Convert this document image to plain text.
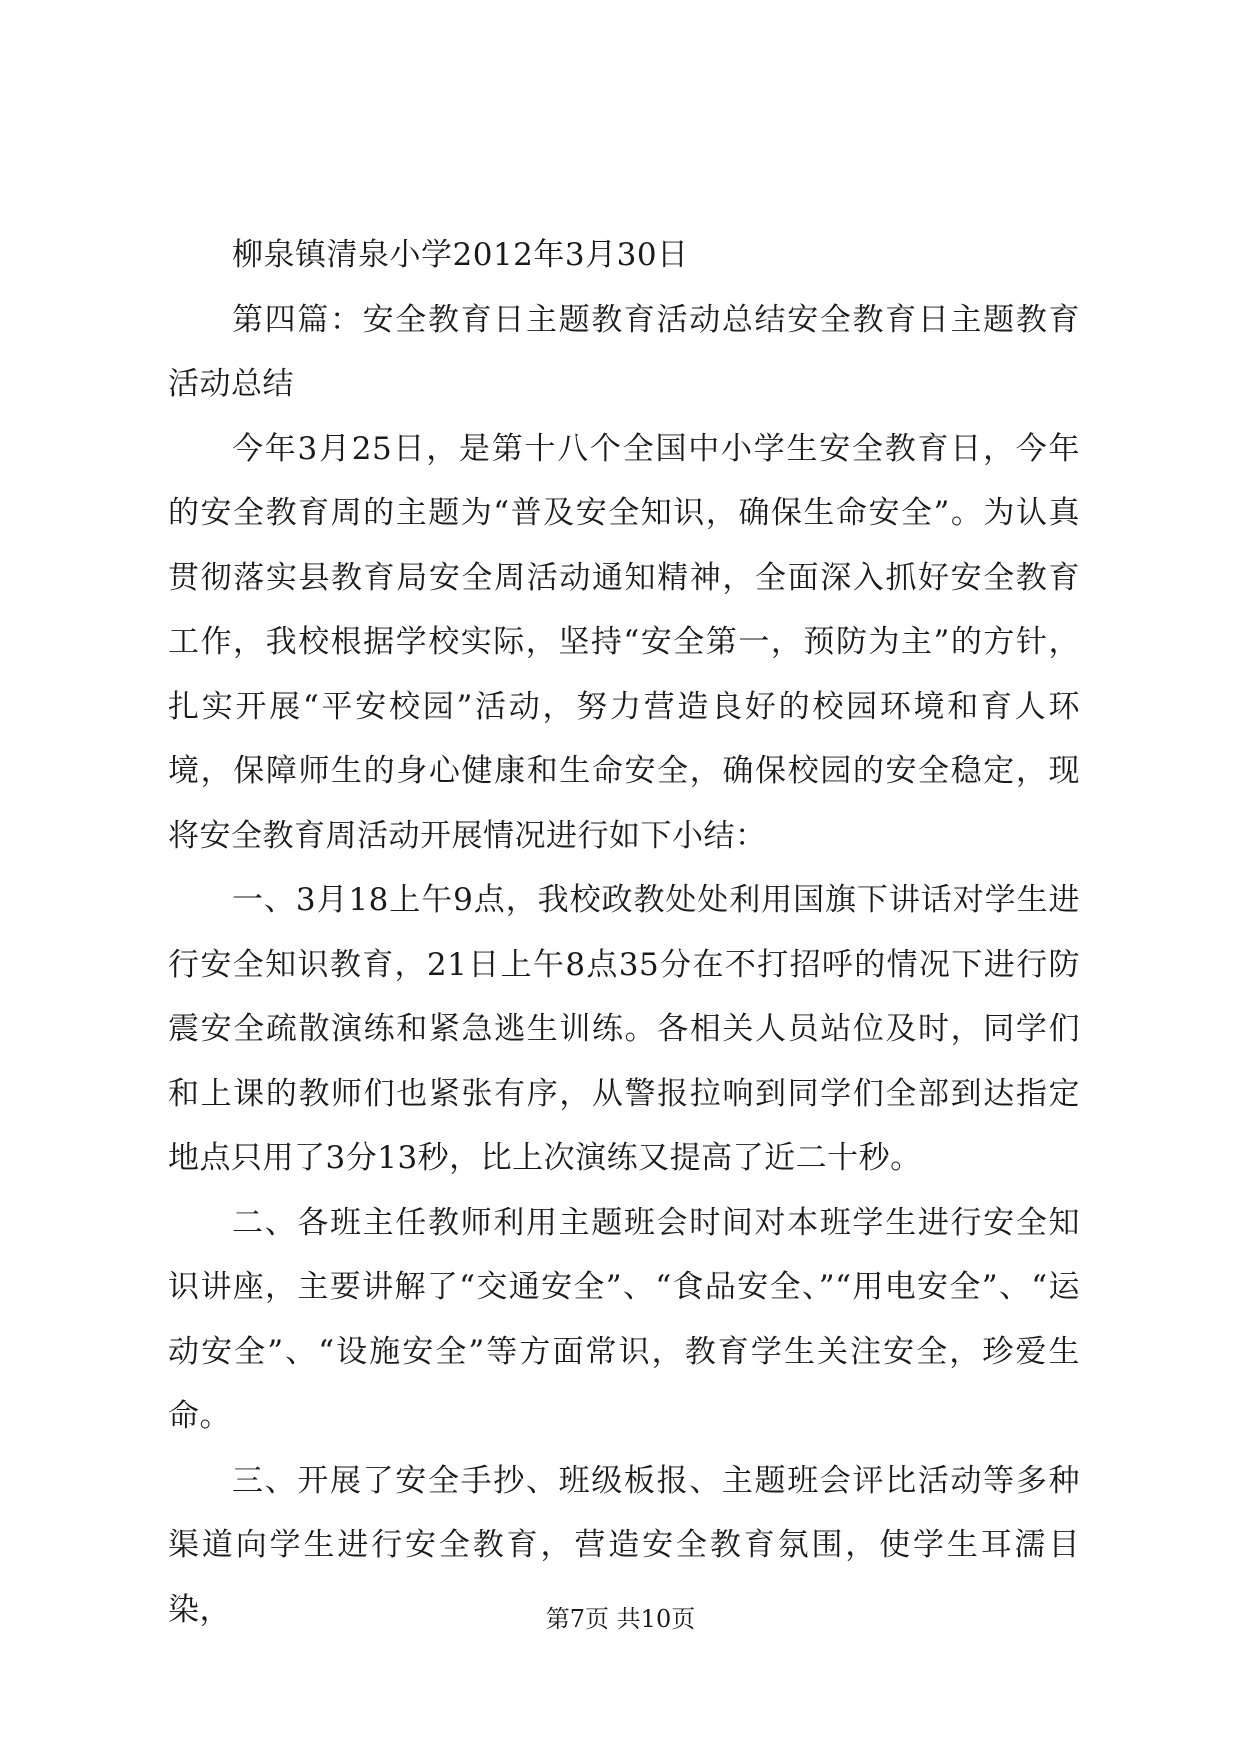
柳泉镇清泉小学2012年3月30日

第四篇：安全教育日主题教育活动总结安全教育日主题教育活动总结

今年3月25日，是第十八个全国中小学生安全教育日，今年的安全教育周的主题为“普及安全知识，确保生命安全”。为认真贯彻落实县教育局安全周活动通知精神，全面深入抓好安全教育工作，我校根据学校实际，坚持“安全第一，预防为主”的方针，扎实开展“平安校园”活动，努力营造良好的校园环境和育人环境，保障师生的身心健康和生命安全，确保校园的安全稳定，现将安全教育周活动开展情况进行如下小结：

一、3月18上午9点，我校政教处处利用国旗下讲话对学生进行安全知识教育，21日上午8点35分在不打招呼的情况下进行防震安全疏散演练和紧急逃生训练。各相关人员站位及时，同学们和上课的教师们也紧张有序，从警报拉响到同学们全部到达指定地点只用了3分13秒，比上次演练又提高了近二十秒。

二、各班主任教师利用主题班会时间对本班学生进行安全知识讲座，主要讲解了“交通安全”、“食品安全、”“用电安全”、“运动安全”、“设施安全”等方面常识，教育学生关注安全，珍爱生命。

三、开展了安全手抄、班级板报、主题班会评比活动等多种渠道向学生进行安全教育，营造安全教育氛围，使学生耳濡目染，	第7页 共10页
